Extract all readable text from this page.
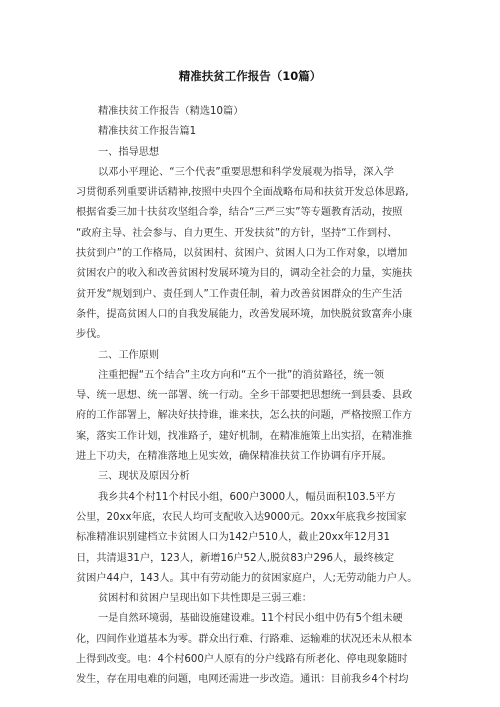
精准扶贫工作报告（10篇）
精准扶贫工作报告（精选10篇）
精准扶贫工作报告篇1
一、指导思想
以邓小平理论、“三个代表”重要思想和科学发展观为指导，深入学
习贯彻系列重要讲话精神,按照中央四个全面战略布局和扶贫开发总体思路,
根据省委三加十扶贫攻坚组合拳，结合“三严三实”等专题教育活动，按照
“政府主导、社会参与、自力更生、开发扶贫”的方针，坚持“工作到村、
扶贫到户”的工作格局，以贫困村、贫困户、贫困人口为工作对象，以增加
贫困农户的收入和改善贫困村发展环境为目的，调动全社会的力量，实施扶
贫开发“规划到户、责任到人”工作责任制，着力改善贫困群众的生产生活
条件，提高贫困人口的自我发展能力，改善发展环境，加快脱贫致富奔小康
步伐。
二、工作原则
注重把握“五个结合”主攻方向和“五个一批”的消贫路径，统一领
导、统一思想、统一部署、统一行动。全乡干部要把思想统一到县委、县政
府的工作部署上，解决好扶持谁，谁来扶，怎么扶的问题，严格按照工作方
案，落实工作计划，找准路子，建好机制，在精准施策上出实招，在精准推
进上下功夫，在精准落地上见实效，确保精准扶贫工作协调有序开展。
三、现状及原因分析
我乡共4个村11个村民小组，600户3000人，幅员面积103.5平方
公里，20xx年底，农民人均可支配收入达9000元。20xx年底我乡按国家
标准精准识别建档立卡贫困人口为142户510人，截止20xx年12月31
日，共清退31户，123人，新增16户52人,脱贫83户296人，最终核定
贫困户44户，143人。其中有劳动能力的贫困家庭户，人;无劳动能力户人。
贫困村和贫困户呈现出如下共性即是三弱三难：
一是自然环境弱，基础设施建设难。11个村民小组中仍有5个组未硬
化，四间作业道基本为零。群众出行难、行路难、运输难的状况还未从根本
上得到改变。电：4个村600户人原有的分户线路有所老化、停电现象随时
发生，存在用电难的问题，电网还需进一步改造。通讯：目前我乡4个村均
